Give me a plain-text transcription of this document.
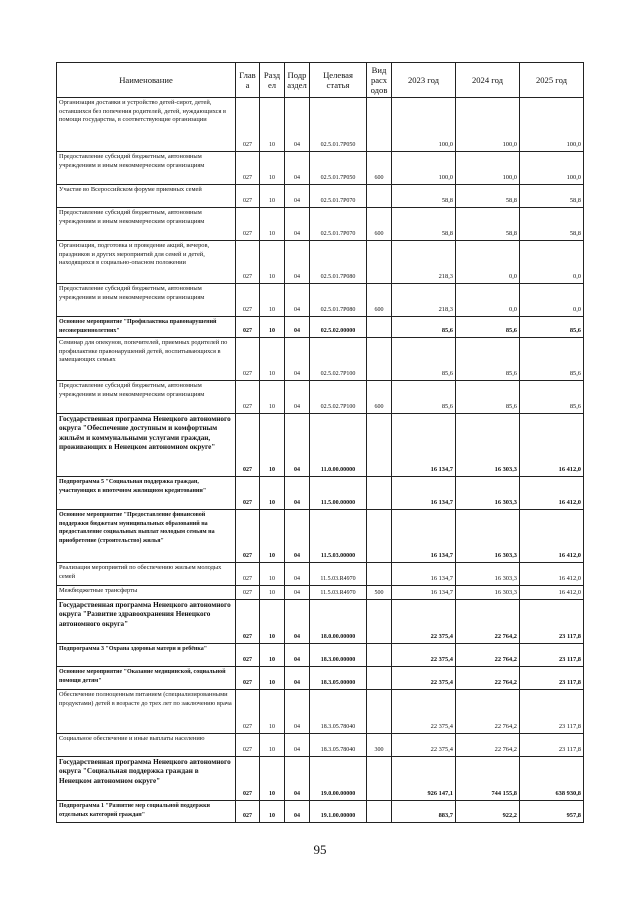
Наименование	Глав а	Разд ел	Подр аздел	Целевая статья	Вид расх одов	2023 год	2024 год	2025 год
Организация доставки и устройство детей-сирот, детей, оставшихся без попечения родителей, детей, нуждающихся в помощи государства, в соответствующие организации	027	10	04	02.5.01.7Р050		100,0	100,0	100,0
Предоставление субсидий бюджетным, автономным учреждениям и иным некоммерческим организациям	027	10	04	02.5.01.7Р050	600	100,0	100,0	100,0
Участие во Всероссийском форуме приемных семей	027	10	04	02.5.01.7Р070		58,8	58,8	58,8
Предоставление субсидий бюджетным, автономным учреждениям и иным некоммерческим организациям	027	10	04	02.5.01.7Р070	600	58,8	58,8	58,8
Организация, подготовка и проведение акций, вечеров, праздников и других мероприятий для семей и детей, находящихся в социально-опасном положении	027	10	04	02.5.01.7Р080		218,3	0,0	0,0
Предоставление субсидий бюджетным, автономным учреждениям и иным некоммерческим организациям	027	10	04	02.5.01.7Р080	600	218,3	0,0	0,0
Основное мероприятие "Профилактика правонарушений несовершеннолетних"	027	10	04	02.5.02.00000		85,6	85,6	85,6
Семинар для опекунов, попечителей, приемных родителей по профилактике правонарушений детей, воспитывающихся в замещающих семьях	027	10	04	02.5.02.7Р100		85,6	85,6	85,6
Предоставление субсидий бюджетным, автономным учреждениям и иным некоммерческим организациям	027	10	04	02.5.02.7Р100	600	85,6	85,6	85,6
Государственная программа Ненецкого автономного округа "Обеспечение доступным и комфортным жильём и коммунальными услугами граждан, проживающих в Ненецком автономном округе"	027	10	04	11.0.00.00000		16 134,7	16 303,3	16 412,0
Подпрограмма 5 "Социальная поддержка граждан, участвующих в ипотечном жилищном кредитовании"	027	10	04	11.5.00.00000		16 134,7	16 303,3	16 412,0
Основное мероприятие "Предоставление финансовой поддержки бюджетам муниципальных образований на предоставление социальных выплат молодым семьям на приобретение (строительство) жилья"	027	10	04	11.5.03.00000		16 134,7	16 303,3	16 412,0
Реализация мероприятий по обеспечению жильем молодых семей	027	10	04	11.5.03.R4970		16 134,7	16 303,3	16 412,0
Межбюджетные трансферты	027	10	04	11.5.03.R4970	500	16 134,7	16 303,3	16 412,0
Государственная программа Ненецкого автономного округа "Развитие здравоохранения Ненецкого автономного округа"	027	10	04	18.0.00.00000		22 375,4	22 764,2	23 117,8
Подпрограмма 3 "Охрана здоровья матери и ребёнка"	027	10	04	18.3.00.00000		22 375,4	22 764,2	23 117,8
Основное мероприятие "Оказание медицинской, социальной помощи детям"	027	10	04	18.3.05.00000		22 375,4	22 764,2	23 117,8
Обеспечение полноценным питанием (специализированными продуктами) детей в возрасте до трех лет по заключению врача	027	10	04	18.3.05.78040		22 375,4	22 764,2	23 117,8
Социальное обеспечение и иные выплаты населению	027	10	04	18.3.05.78040	300	22 375,4	22 764,2	23 117,8
Государственная программа Ненецкого автономного округа "Социальная поддержка граждан в Ненецком автономном округе"	027	10	04	19.0.00.00000		926 147,1	744 155,8	638 930,8
Подпрограмма 1 "Развитие мер социальной поддержки отдельных категорий граждан"	027	10	04	19.1.00.00000		883,7	922,2	957,8
95
